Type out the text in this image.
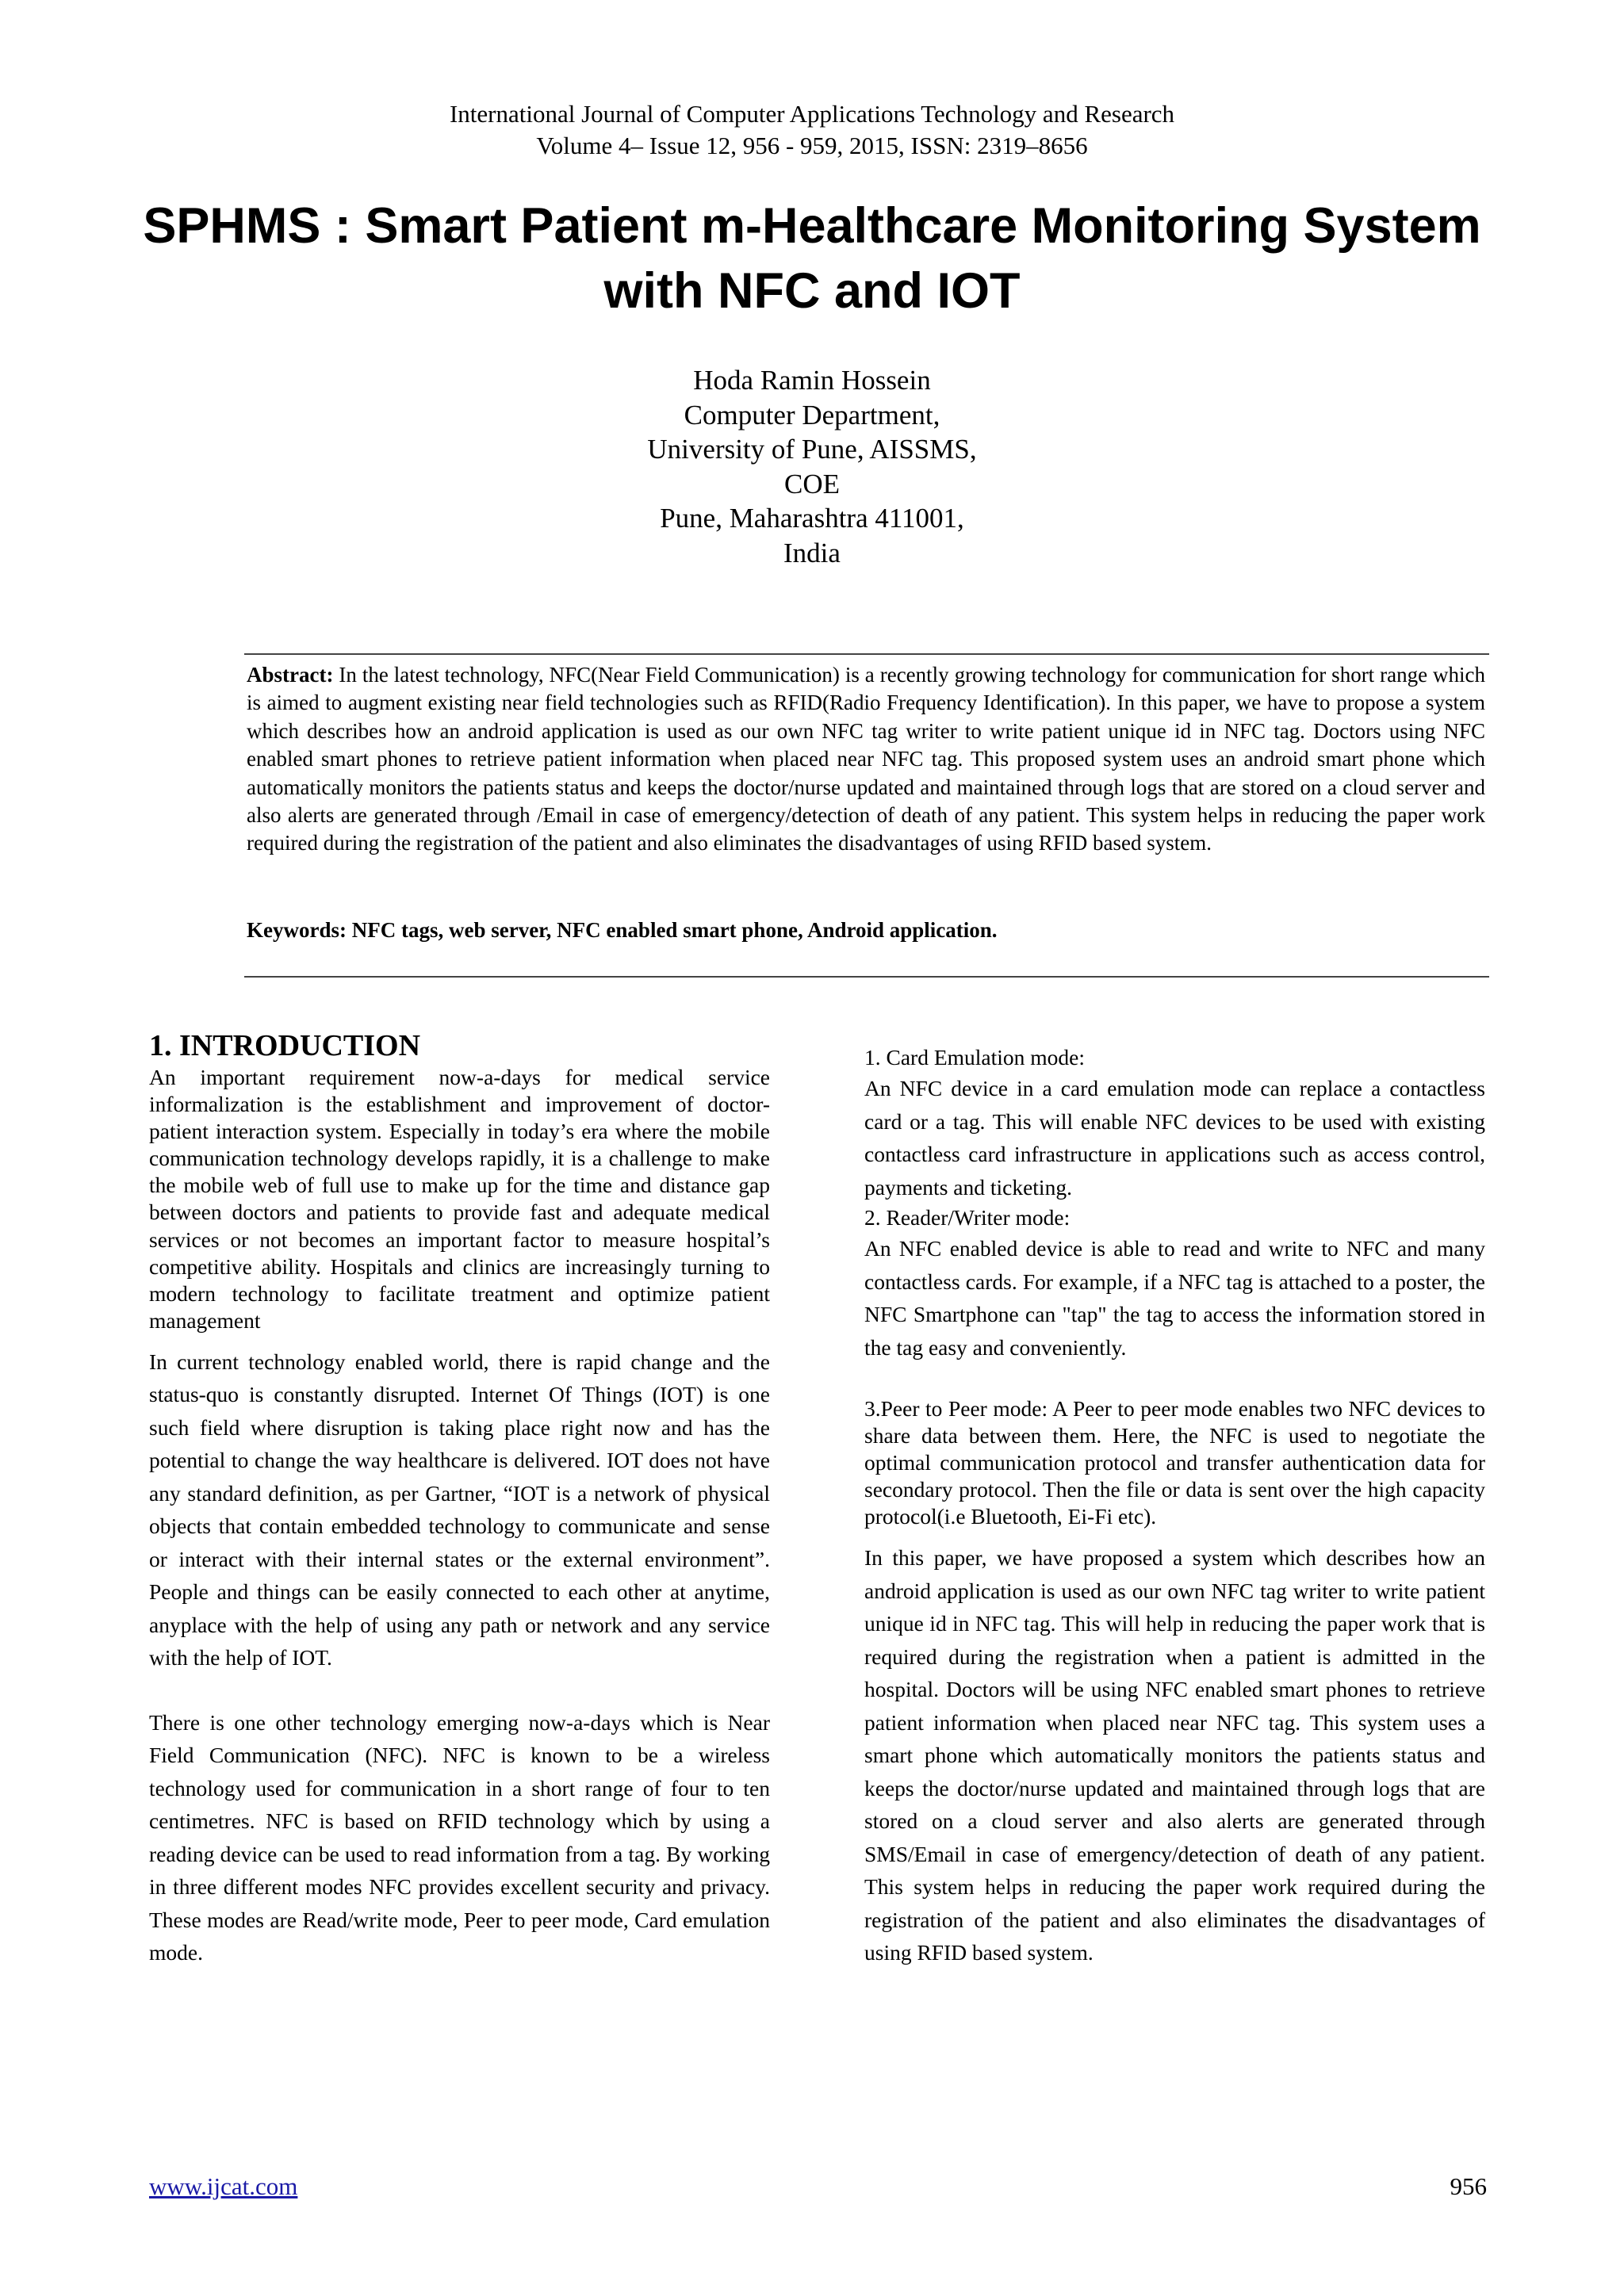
International Journal of Computer Applications Technology and Research
Volume 4– Issue 12, 956 - 959, 2015, ISSN: 2319–8656
SPHMS : Smart Patient m-Healthcare Monitoring System
with NFC and IOT
Hoda Ramin Hossein
Computer Department,
University of Pune, AISSMS,
COE
Pune, Maharashtra 411001,
India
Abstract: In the latest technology, NFC(Near Field Communication) is a recently growing technology for communication for short range which is aimed to augment existing near field technologies such as RFID(Radio Frequency Identification). In this paper, we have to propose a system which describes how an android application is used as our own NFC tag writer to write patient unique id in NFC tag. Doctors using NFC enabled smart phones to retrieve patient information when placed near NFC tag. This proposed system uses an android smart phone which automatically monitors the patients status and keeps the doctor/nurse updated and maintained through logs that are stored on a cloud server and also alerts are generated through /Email in case of emergency/detection of death of any patient. This system helps in reducing the paper work required during the registration of the patient and also eliminates the disadvantages of using RFID based system.
Keywords: NFC tags, web server, NFC enabled smart phone, Android application.
1. INTRODUCTION

An important requirement now-a-days for medical service informalization is the establishment and improvement of doctor-patient interaction system. Especially in today’s era where the mobile communication technology develops rapidly, it is a challenge to make the mobile web of full use to make up for the time and distance gap between doctors and patients to provide fast and adequate medical services or not becomes an important factor to measure hospital’s competitive ability. Hospitals and clinics are increasingly turning to modern technology to facilitate treatment and optimize patient management

In current technology enabled world, there is rapid change and the status-quo is constantly disrupted. Internet Of Things (IOT) is one such field where disruption is taking place right now and has the potential to change the way healthcare is delivered. IOT does not have any standard definition, as per Gartner, “IOT is a network of physical objects that contain embedded technology to communicate and sense or interact with their internal states or the external environment”. People and things can be easily connected to each other at anytime, anyplace with the help of using any path or network and any service with the help of IOT.

There is one other technology emerging now-a-days which is Near Field Communication (NFC). NFC is known to be a wireless technology used for communication in a short range of four to ten centimetres. NFC is based on RFID technology which by using a reading device can be used to read information from a tag. By working in three different modes NFC provides excellent security and privacy. These modes are Read/write mode, Peer to peer mode, Card emulation mode.

1. Card Emulation mode:

An NFC device in a card emulation mode can replace a contactless card or a tag. This will enable NFC devices to be used with existing contactless card infrastructure in applications such as access control, payments and ticketing.

2. Reader/Writer mode:

An NFC enabled device is able to read and write to NFC and many contactless cards. For example, if a NFC tag is attached to a poster, the NFC Smartphone can "tap" the tag to access the information stored in the tag easy and conveniently.

3.Peer to Peer mode: A Peer to peer mode enables two NFC devices to share data between them. Here, the NFC is used to negotiate the optimal communication protocol and transfer authentication data for secondary protocol. Then the file or data is sent over the high capacity protocol(i.e Bluetooth, Ei-Fi etc).

In this paper, we have proposed a system which describes how an android application is used as our own NFC tag writer to write patient unique id in NFC tag. This will help in reducing the paper work that is required during the registration when a patient is admitted in the hospital. Doctors will be using NFC enabled smart phones to retrieve patient information when placed near NFC tag. This system uses a smart phone which automatically monitors the patients status and keeps the doctor/nurse updated and maintained through logs that are stored on a cloud server and also alerts are generated through SMS/Email in case of emergency/detection of death of any patient. This system helps in reducing the paper work required during the registration of the patient and also eliminates the disadvantages of using RFID based system.

www.ijcat.com	956
